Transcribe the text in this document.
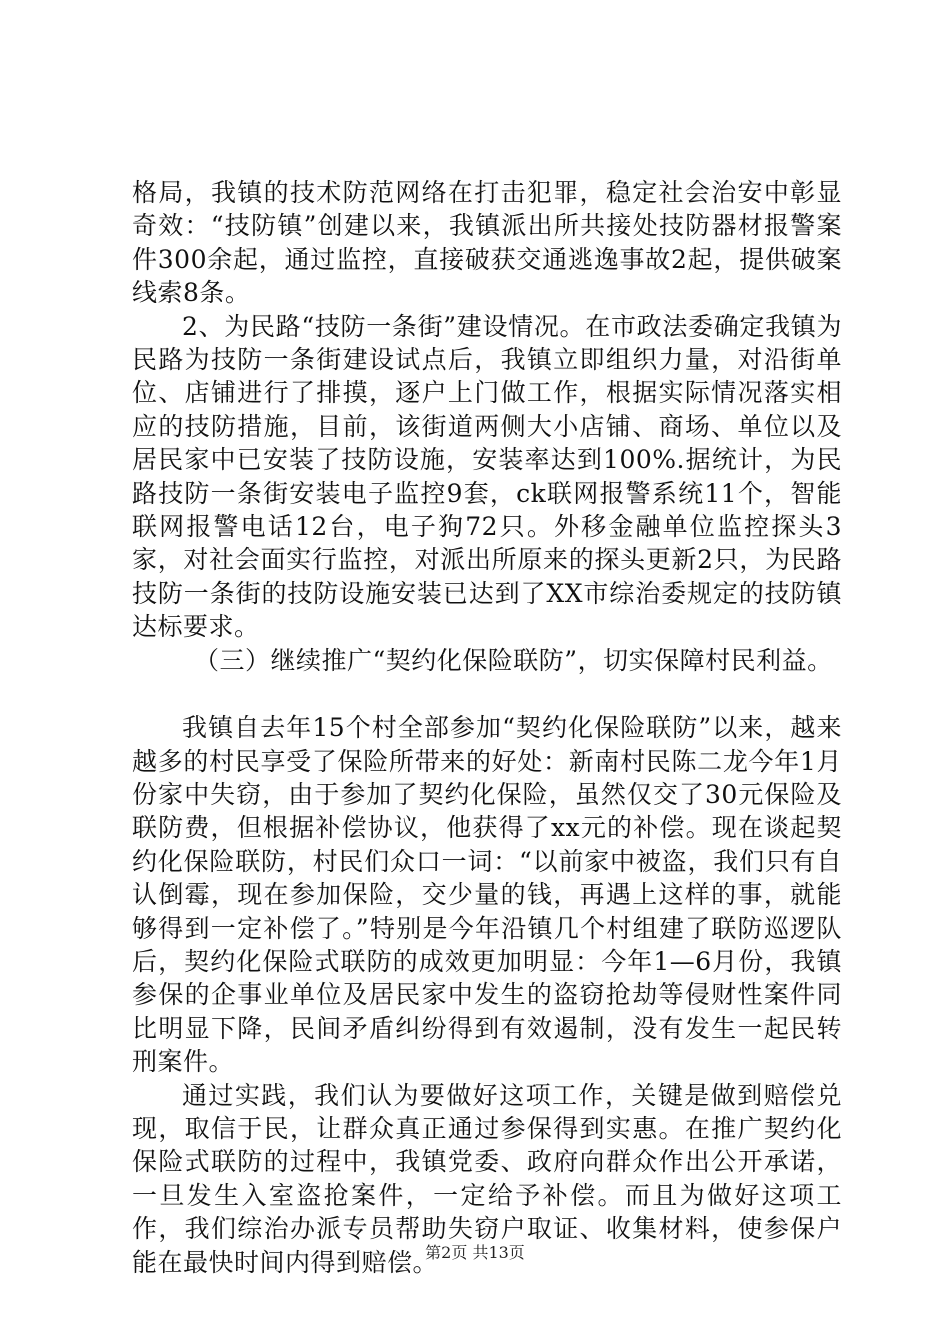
格局，我镇的技术防范网络在打击犯罪，稳定社会治安中彰显奇效：“技防镇”创建以来，我镇派出所共接处技防器材报警案件300余起，通过监控，直接破获交通逃逸事故2起，提供破案线索8条。

2、为民路“技防一条街”建设情况。在市政法委确定我镇为民路为技防一条街建设试点后，我镇立即组织力量，对沿街单位、店铺进行了排摸，逐户上门做工作，根据实际情况落实相应的技防措施，目前，该街道两侧大小店铺、商场、单位以及居民家中已安装了技防设施，安装率达到100%.据统计，为民路技防一条街安装电子监控9套，ck联网报警系统11个，智能联网报警电话12台，电子狗72只。外移金融单位监控探头3家，对社会面实行监控，对派出所原来的探头更新2只，为民路技防一条街的技防设施安装已达到了XX市综治委规定的技防镇达标要求。

（三）继续推广“契约化保险联防”，切实保障村民利益。

我镇自去年15个村全部参加“契约化保险联防”以来，越来越多的村民享受了保险所带来的好处：新南村民陈二龙今年1月份家中失窃，由于参加了契约化保险，虽然仅交了30元保险及联防费，但根据补偿协议，他获得了xx元的补偿。现在谈起契约化保险联防，村民们众口一词：“以前家中被盗，我们只有自认倒霉，现在参加保险，交少量的钱，再遇上这样的事，就能够得到一定补偿了。”特别是今年沿镇几个村组建了联防巡逻队后，契约化保险式联防的成效更加明显：今年1—6月份，我镇参保的企事业单位及居民家中发生的盗窃抢劫等侵财性案件同比明显下降，民间矛盾纠纷得到有效遏制，没有发生一起民转刑案件。

通过实践，我们认为要做好这项工作，关键是做到赔偿兑现，取信于民，让群众真正通过参保得到实惠。在推广契约化保险式联防的过程中，我镇党委、政府向群众作出公开承诺，一旦发生入室盗抢案件，一定给予补偿。而且为做好这项工作，我们综治办派专员帮助失窃户取证、收集材料，使参保户能在最快时间内得到赔偿。

第2页 共13页
